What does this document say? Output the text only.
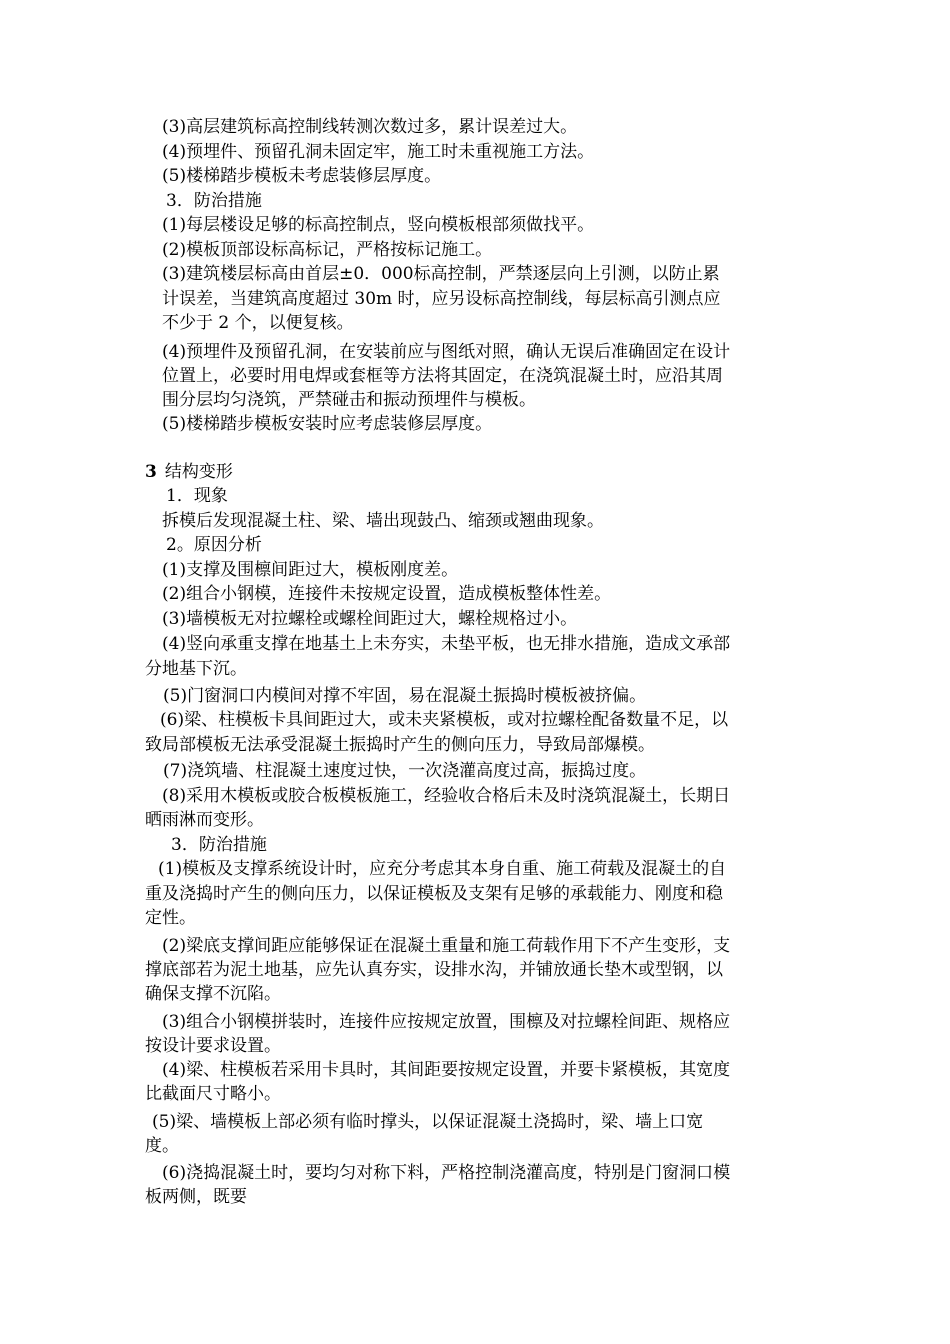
(3)高层建筑标高控制线转测次数过多，累计误差过大。
(4)预埋件、预留孔洞未固定牢，施工时未重视施工方法。
(5)楼梯踏步模板未考虑装修层厚度。
3．防治措施
(1)每层楼设足够的标高控制点，竖向模板根部须做找平。
(2)模板顶部设标高标记，严格按标记施工。
(3)建筑楼层标高由首层±0．000标高控制，严禁逐层向上引测，以防止累
计误差，当建筑高度超过 30m 时，应另设标高控制线，每层标高引测点应
不少于 2 个，以便复核。
(4)预埋件及预留孔洞，在安装前应与图纸对照，确认无误后准确固定在设计
位置上，必要时用电焊或套框等方法将其固定，在浇筑混凝土时，应沿其周
围分层均匀浇筑，严禁碰击和振动预埋件与模板。
(5)楼梯踏步模板安装时应考虑装修层厚度。
3 结构变形
1．现象
拆模后发现混凝土柱、梁、墙出现鼓凸、缩颈或翘曲现象。
2。原因分析
(1)支撑及围檩间距过大，模板刚度差。
(2)组合小钢模，连接件未按规定设置，造成模板整体性差。
(3)墙模板无对拉螺栓或螺栓间距过大，螺栓规格过小。
(4)竖向承重支撑在地基土上未夯实，未垫平板，也无排水措施，造成文承部
分地基下沉。
(5)门窗洞口内模间对撑不牢固，易在混凝土振捣时模板被挤偏。
(6)梁、柱模板卡具间距过大，或未夹紧模板，或对拉螺栓配备数量不足，以
致局部模板无法承受混凝土振捣时产生的侧向压力，导致局部爆模。
(7)浇筑墙、柱混凝土速度过快，一次浇灌高度过高，振捣过度。
(8)采用木模板或胶合板模板施工，经验收合格后未及时浇筑混凝土，长期日
晒雨淋而变形。
3．防治措施
(1)模板及支撑系统设计时，应充分考虑其本身自重、施工荷载及混凝土的自
重及浇捣时产生的侧向压力，以保证模板及支架有足够的承载能力、刚度和稳
定性。
(2)梁底支撑间距应能够保证在混凝土重量和施工荷载作用下不产生变形，支
撑底部若为泥土地基，应先认真夯实，设排水沟，并铺放通长垫木或型钢，以
确保支撑不沉陷。
(3)组合小钢模拼装时，连接件应按规定放置，围檩及对拉螺栓间距、规格应
按设计要求设置。
(4)梁、柱模板若采用卡具时，其间距要按规定设置，并要卡紧模板，其宽度
比截面尺寸略小。
(5)梁、墙模板上部必须有临时撑头，以保证混凝土浇捣时，梁、墙上口宽
度。
(6)浇捣混凝土时，要均匀对称下料，严格控制浇灌高度，特别是门窗洞口模
板两侧，既要
